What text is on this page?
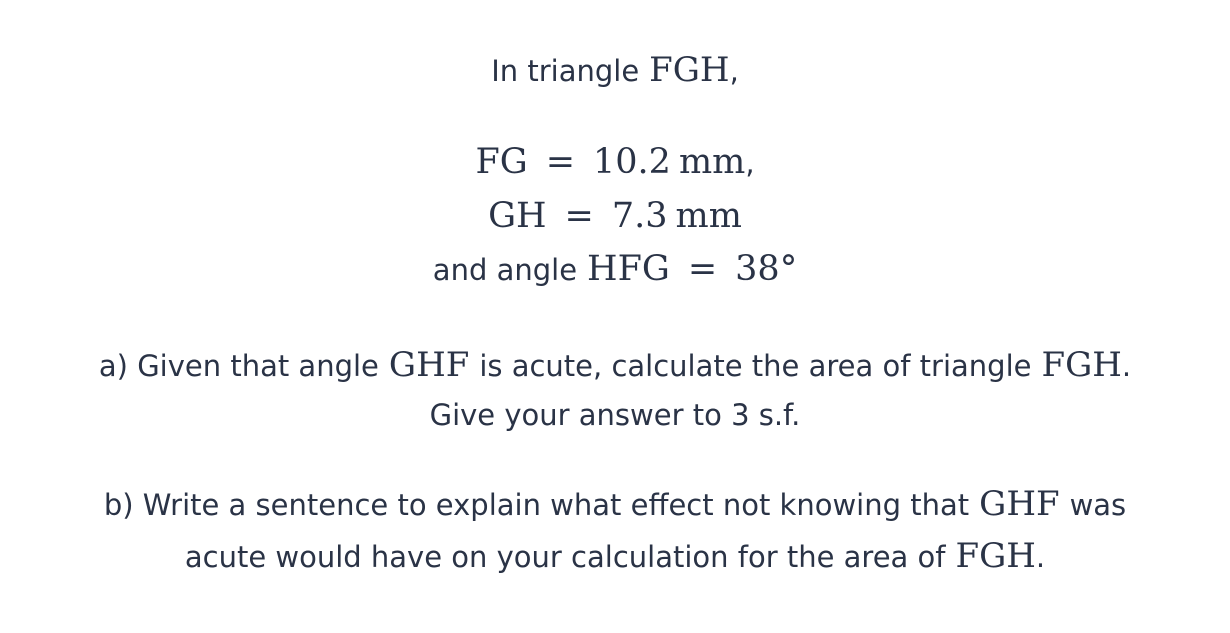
In triangle FGH,
FG = 10.2 mm,
GH = 7.3 mm
and angle HFG = 38°
a) Given that angle GHF is acute, calculate the area of triangle FGH.
Give your answer to 3 s.f.
b) Write a sentence to explain what effect not knowing that GHF was
acute would have on your calculation for the area of FGH.
